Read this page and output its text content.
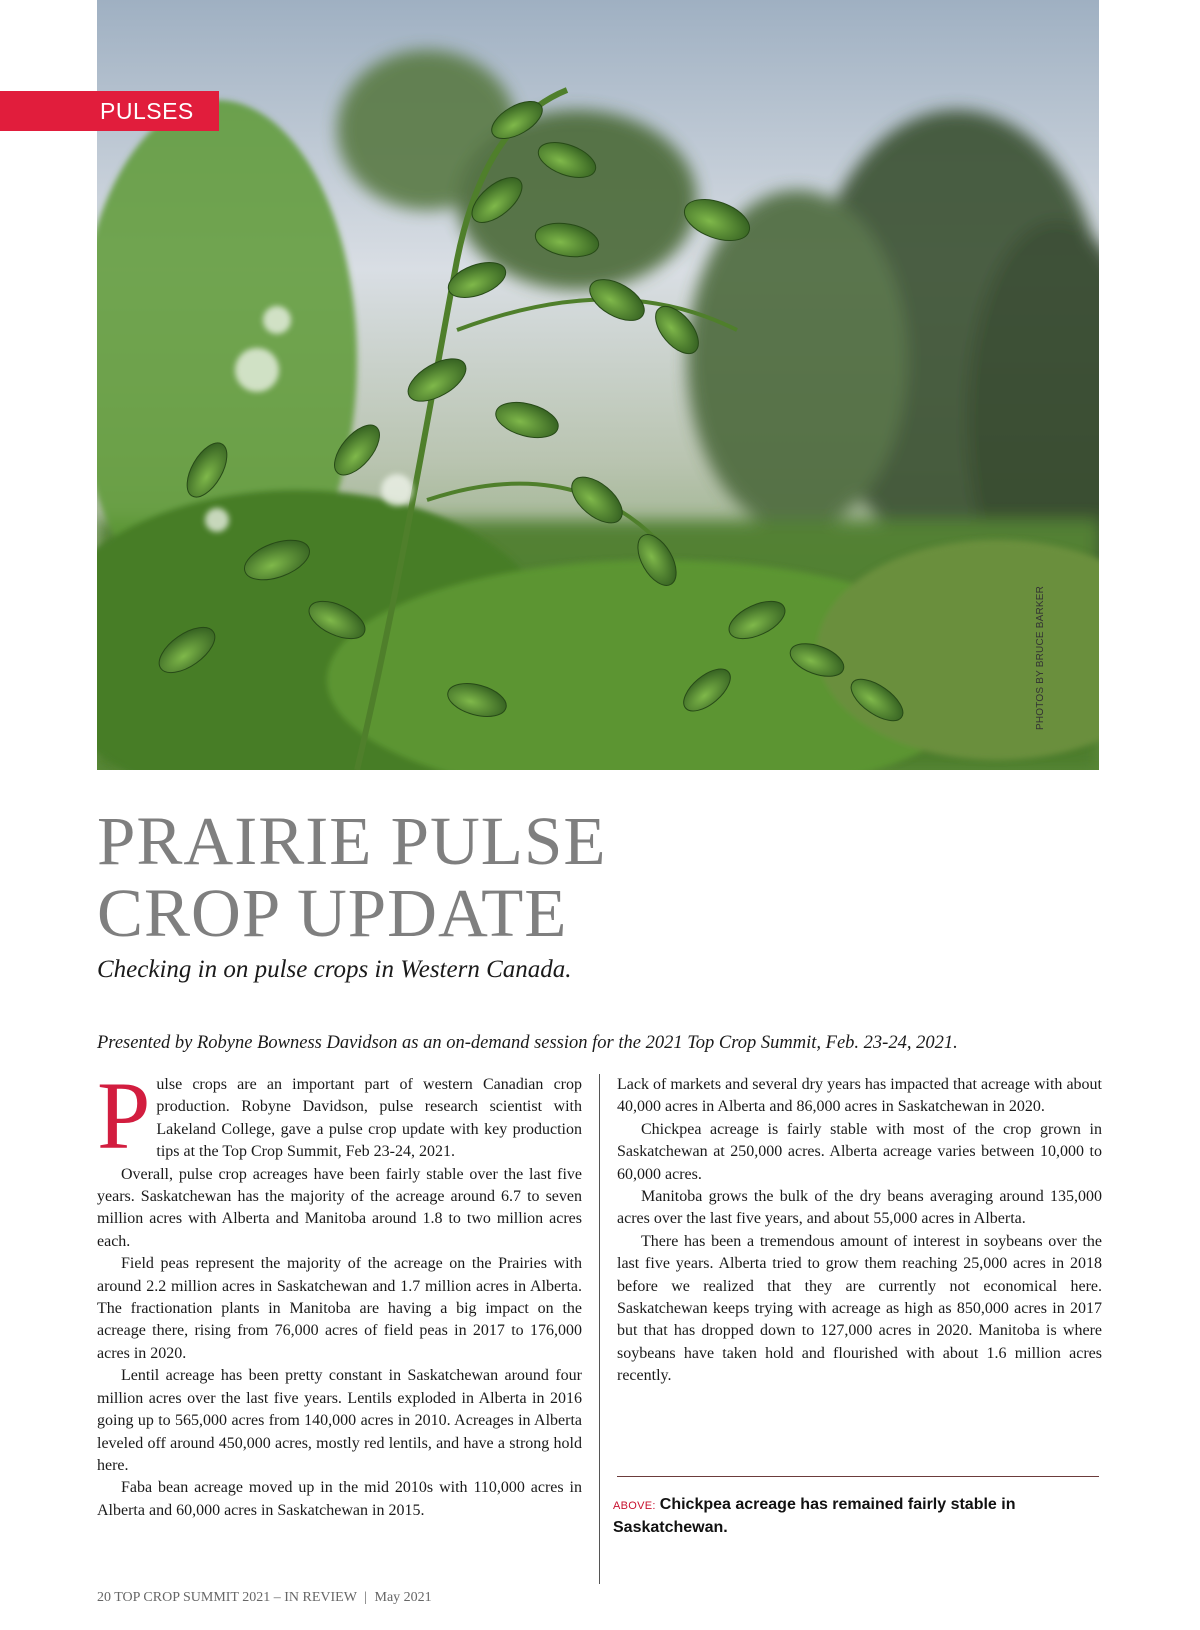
PULSES
PHOTOS BY BRUCE BARKER
PRAIRIE PULSE
CROP UPDATE

Checking in on pulse crops in Western Canada.

Presented by Robyne Bowness Davidson as an on-demand session for the 2021 Top Crop Summit, Feb. 23-24, 2021.

Pulse crops are an important part of western Canadian crop production. Robyne Davidson, pulse research scientist with Lakeland College, gave a pulse crop update with key production tips at the Top Crop Summit, Feb 23-24, 2021.

Overall, pulse crop acreages have been fairly stable over the last five years. Saskatchewan has the majority of the acreage around 6.7 to seven million acres with Alberta and Manitoba around 1.8 to two million acres each.

Field peas represent the majority of the acreage on the Prairies with around 2.2 million acres in Saskatchewan and 1.7 million acres in Alberta. The fractionation plants in Manitoba are having a big impact on the acreage there, rising from 76,000 acres of field peas in 2017 to 176,000 acres in 2020.

Lentil acreage has been pretty constant in Saskatchewan around four million acres over the last five years. Lentils exploded in Alberta in 2016 going up to 565,000 acres from 140,000 acres in 2010. Acreages in Alberta leveled off around 450,000 acres, mostly red lentils, and have a strong hold here.

Faba bean acreage moved up in the mid 2010s with 110,000 acres in Alberta and 60,000 acres in Saskatchewan in 2015.

Lack of markets and several dry years has impacted that acreage with about 40,000 acres in Alberta and 86,000 acres in Saskatchewan in 2020.

Chickpea acreage is fairly stable with most of the crop grown in Saskatchewan at 250,000 acres. Alberta acreage varies between 10,000 to 60,000 acres.

Manitoba grows the bulk of the dry beans averaging around 135,000 acres over the last five years, and about 55,000 acres in Alberta.

There has been a tremendous amount of interest in soybeans over the last five years. Alberta tried to grow them reaching 25,000 acres in 2018 before we realized that they are currently not economical here. Saskatchewan keeps trying with acreage as high as 850,000 acres in 2017 but that has dropped down to 127,000 acres in 2020. Manitoba is where soybeans have taken hold and flourished with about 1.6 million acres recently.

ABOVE: Chickpea acreage has remained fairly stable in Saskatchewan.
20 TOP CROP SUMMIT 2021 – IN REVIEW | May 2021
